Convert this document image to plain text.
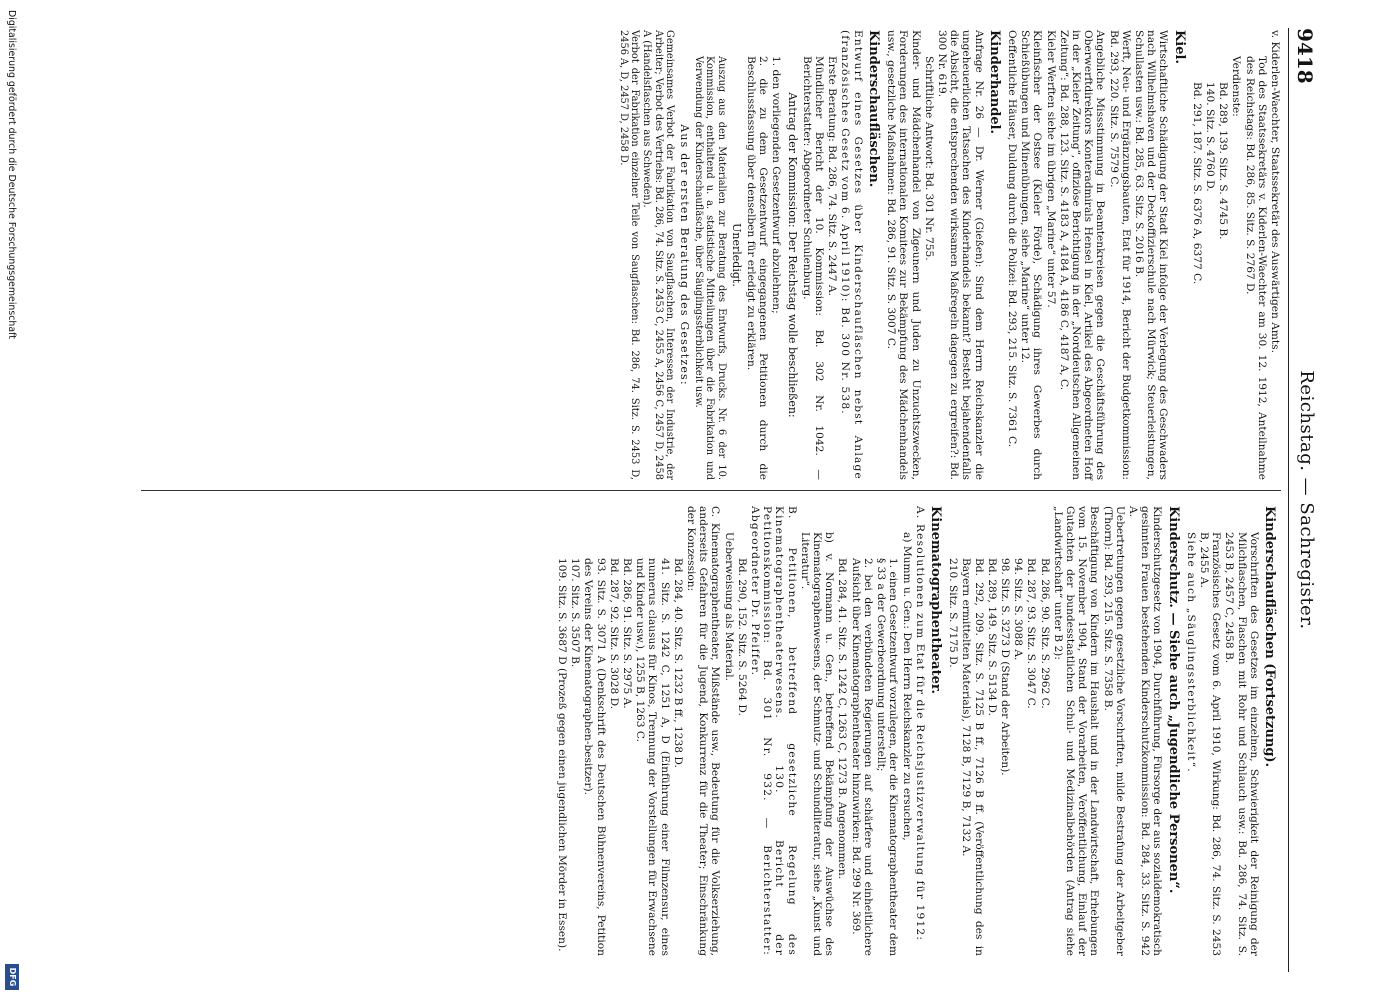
9418
Reichstag. — Sachregister.

v. Kiderlen-Waechter, Staatssekretär des Auswärtigen Amts.

Tod des Staatssekretärs v. Kiderlen-Waechter am 30. 12. 1912, Anteilnahme des Reichstags: Bd. 286, 85. Sitz. S. 2767 D.

Verdienste:

Bd. 289, 139. Sitz. S. 4745 B.

140. Sitz. S. 4760 D.

Bd. 291, 187. Sitz. S. 6376 A, 6377 C.

Kiel.

Wirtschaftliche Schädigung der Stadt Kiel infolge der Verlegung des Geschwaders nach Wilhelmshaven und der Deckoffizierschule nach Mürwick; Steuerleistungen, Schullasten usw.: Bd. 285, 63. Sitz. S. 2016 B.

Werft, Neu- und Ergänzungsbauten, Etat für 1914, Bericht der Budgetkommission: Bd. 293, 220. Sitz. S. 7579 C.

Angebliche Missstimmung in Beamtenkreisen gegen die Geschäftsführung des Oberwerftdirektors Konteradmirals Hensel in Kiel, Artikel des Abgeordneten Hoff in der „Kieler Zeitung“, offiziöse Berichtigung in der „Norddeutschen Allgemeinen Zeitung“: Bd. 288, 123. Sitz. S. 4183 A, 4184 A, 4186 C, 4187 A, C.

Kieler Werften siehe im übrigen „Marine“ unter 57.

Kleinfischer der Ostsee (Kieler Förde), Schädigung ihres Gewerbes durch Schießübungen und Minenübungen, siehe „Marine“ unter 12.

Oeffentliche Häuser, Duldung durch die Polizei: Bd. 293, 215. Sitz. S. 7361 C.

Kinderhandel.

Anfrage Nr. 26 — Dr. Werner (Gießen): Sind dem Herrn Reichskanzler die ungeheuerlichen Tatsachen des Kinderhandels bekannt? Besteht bejahendenfalls die Absicht, die entsprechenden wirksamen Maßregeln dagegen zu ergreifen?: Bd. 300 Nr. 619.

Schriftliche Antwort: Bd. 301 Nr. 755.

Kinder- und Mädchenhandel von Zigeunern und Juden zu Unzuchtszwecken, Forderungen des internationalen Komitees zur Bekämpfung des Mädchenhandels usw., gesetzliche Maßnahmen: Bd. 286, 91. Sitz. S. 3007 C.

Kinderschaufläschen.

Entwurf eines Gesetzes über Kinderschaufläschen nebst Anlage (französisches Gesetz vom 6. April 1910): Bd. 300 Nr. 538.

Erste Beratung: Bd. 286, 74. Sitz. S. 2447 A.

Mündlicher Bericht der 10. Kommission: Bd. 302 Nr. 1042. — Berichterstatter: Abgeordneter Schulenburg.

Antrag der Kommission: Der Reichstag wolle beschließen:

1. den vorliegenden Gesetzentwurf abzulehnen;

2. die zu dem Gesetzentwurf eingegangenen Petitionen durch die Beschlussfassung über denselben für erledigt zu erklären.

Unerledigt.

Auszug aus den Materialien zur Beratung des Entwurfs, Drucks. Nr. 6 der 10. Kommission, enthaltend u. a. statistische Mitteilungen über die Fabrikation und Verwendung der Kinderschaufläsche, über Säuglingssterblichkeit usw.

Aus der ersten Beratung des Gesetzes:

Gemeinsames Verbot der Fabrikation von Saugflaschen, Interessen der Industrie, der Arbeiter; Verbot des Vertriebs: Bd. 286, 74. Sitz. S. 2453 C, 2455 A, 2456 C, 2457 D, 2458 A (Handelsflaschen aus Schweden).

Verbot der Fabrikation einzelner Teile von Saugflaschen: Bd. 286, 74. Sitz. S. 2453 D, 2456 A, D, 2457 D, 2458 D.

Kinderschaufläschen (Fortsetzung).

Vorschriften des Gesetzes im einzelnen, Schwierigkeit der Reinigung der Milchflaschen, Flaschen mit Rohr und Schlauch usw.: Bd. 286, 74. Sitz. S. 2453 B, 2457 C, 2458 B.

Französisches Gesetz vom 6. April 1910, Wirkung: Bd. 286, 74. Sitz. S. 2453 B, 2455 A.

Siehe auch „Säuglingssterblichkeit“.

Kinderschutz. — Siehe auch „Jugendliche Personen“.

Kinderschutzgesetz von 1904, Durchführung, Fürsorge der aus sozialdemokratisch gesinnten Frauen bestehenden Kinderschutzkommission: Bd. 284, 33. Sitz. S. 942 A.

Uebertretungen gegen gesetzliche Vorschriften, milde Bestrafung der Arbeitgeber (Thorn): Bd. 293, 215. Sitz. S. 7358 B.

Beschäftigung von Kindern im Haushalt und in der Landwirtschaft, Erhebungen vom 15. November 1904, Stand der Vorarbeiten, Veröffentlichung, Einlauf der Gutachten der bundesstaatlichen Schul- und Medizinalbehörden (Antrag siehe „Landwirtschaft“ unter B 2):

Bd. 286, 90. Sitz. S. 2962 C.

Bd. 287, 93. Sitz. S. 3047 C.

94. Sitz. S. 3088 A.

98. Sitz. S. 3273 D (Stand der Arbeiten).

Bd. 289, 149. Sitz. S. 5134 D.

Bd. 292, 209. Sitz. S. 7125 B ff., 7126 B ff. (Veröffentlichung des in Bayern ermittelten Materials), 7128 B, 7129 B, 7132 A.

210. Sitz. S. 7175 D.

Kinematographentheater.

A. Resolutionen zum Etat für die Reichsjustizverwaltung für 1912:

a) Mumm u. Gen.: Den Herrn Reichskanzler zu ersuchen,

1. einen Gesetzentwurf vorzulegen, der die Kinematographentheater dem § 33 a der Gewerbeordnung unterstellt;

2. bei den verbündeten Regierungen auf schärfere und einheitlichere Aufsicht über Kinematographentheater hinzuwirken: Bd. 299 Nr. 369.

Bd. 284, 41. Sitz. S. 1242 C, 1263 C, 1273 B. Angenommen.

b) v. Normann u. Gen., betreffend Bekämpfung der Auswüchse des Kinematographenwesens, der Schmutz- und Schundliteratur, siehe „Kunst und Literatur“.

B. Petitionen, betreffend gesetzliche Regelung des Kinematographentheaterwesens. 130. Bericht der Petitionskommission: Bd. 301 Nr. 932. — Berichterstatter: Abgeordneter Dr. Pfeiffer.

Bd. 290, 152. Sitz. S. 5264 D.

Ueberweisung als Material.

C. Kinematographentheater, Mißstände usw., Bedeutung für die Volkserziehung, anderseits Gefahren für die Jugend, Konkurrenz für die Theater; Einschränkung der Konzession:

Bd. 284, 40. Sitz. S. 1232 B ff., 1238 D.

41. Sitz. S. 1242 C, 1251 A, D (Einführung einer Filmzensur, eines numerus clausus für Kinos, Trennung der Vorstellungen für Erwachsene und Kinder usw.), 1255 B, 1263 C.

Bd. 286, 91. Sitz. S. 2975 A.

Bd. 287, 92. Sitz. S. 3028 D.

93. Sitz. S. 3071 A (Denkschrift des Deutschen Bühnenvereins, Petition des Vereins der Kinematographen-besitzer).

107. Sitz. S. 3507 B.

109. Sitz. S. 3687 D (Prozeß gegen einen jugendlichen Mörder in Essen).

Digitalisierung gefördert durch die Deutsche Forschungsgemeinschaft
DFG
